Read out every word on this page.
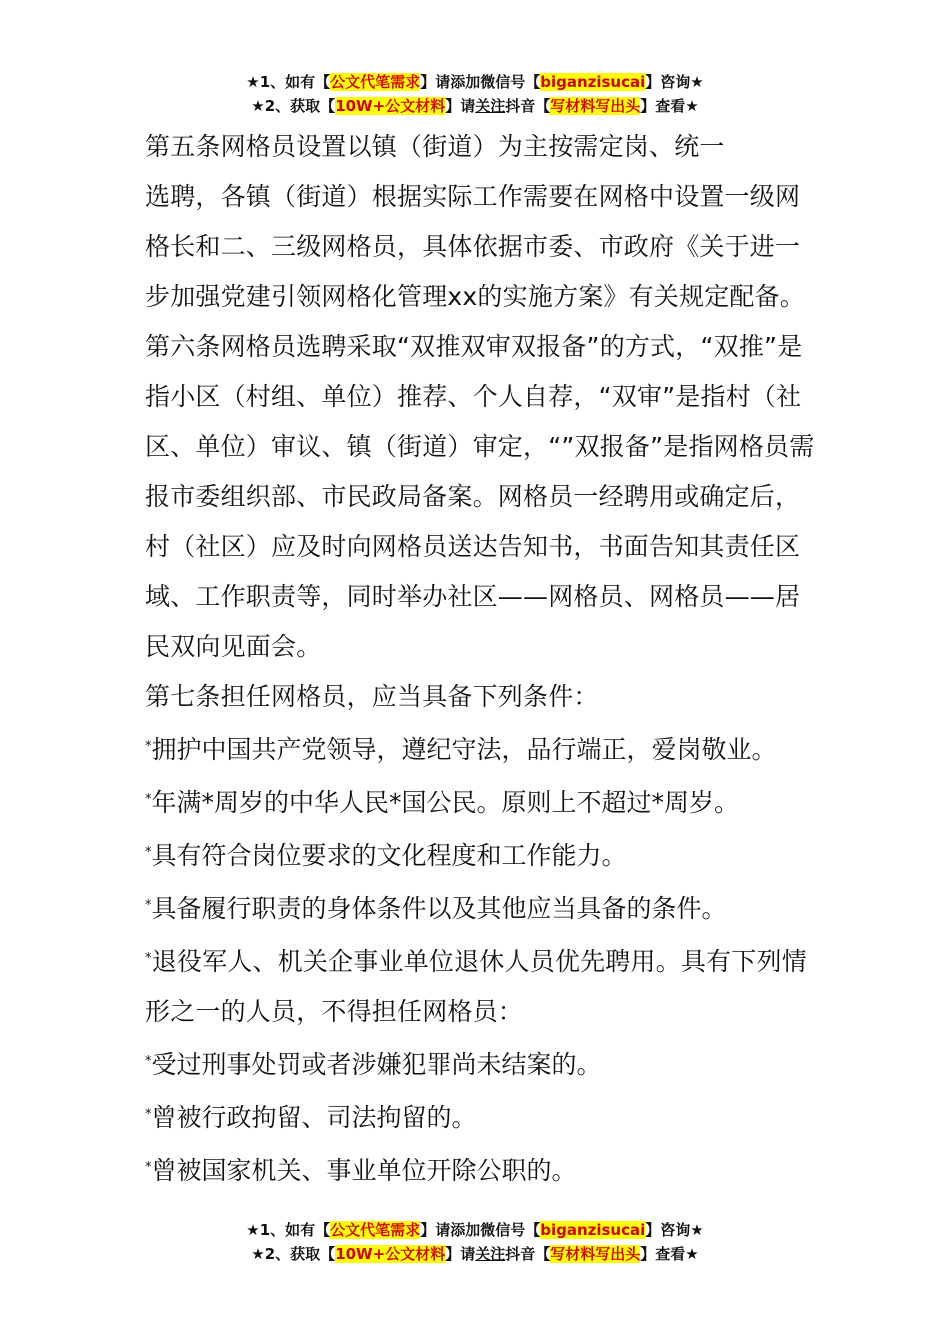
★1、如有【公文代笔需求】请添加微信号【biganzisucai】咨询★
★2、获取【10W+公文材料】请关注抖音【写材料写出头】查看★

第五条网格员设置以镇（街道）为主按需定岗、统一

选聘，各镇（街道）根据实际工作需要在网格中设置一级网格长和二、三级网格员，具体依据市委、市政府《关于进一步加强党建引领网格化管理xx的实施方案》有关规定配备。

第六条网格员选聘采取“双推双审双报备”的方式，“双推”是指小区（村组、单位）推荐、个人自荐，“双审”是指村（社区、单位）审议、镇（街道）审定，“”双报备”是指网格员需报市委组织部、市民政局备案。网格员一经聘用或确定后，村（社区）应及时向网格员送达告知书，书面告知其责任区域、工作职责等，同时举办社区——网格员、网格员——居民双向见面会。

第七条担任网格员，应当具备下列条件：

*拥护中国共产党领导，遵纪守法，品行端正，爱岗敬业。

*年满*周岁的中华人民*国公民。原则上不超过*周岁。

*具有符合岗位要求的文化程度和工作能力。

*具备履行职责的身体条件以及其他应当具备的条件。

*退役军人、机关企事业单位退休人员优先聘用。具有下列情形之一的人员，不得担任网格员：

*受过刑事处罚或者涉嫌犯罪尚未结案的。

*曾被行政拘留、司法拘留的。

*曾被国家机关、事业单位开除公职的。

★1、如有【公文代笔需求】请添加微信号【biganzisucai】咨询★
★2、获取【10W+公文材料】请关注抖音【写材料写出头】查看★
